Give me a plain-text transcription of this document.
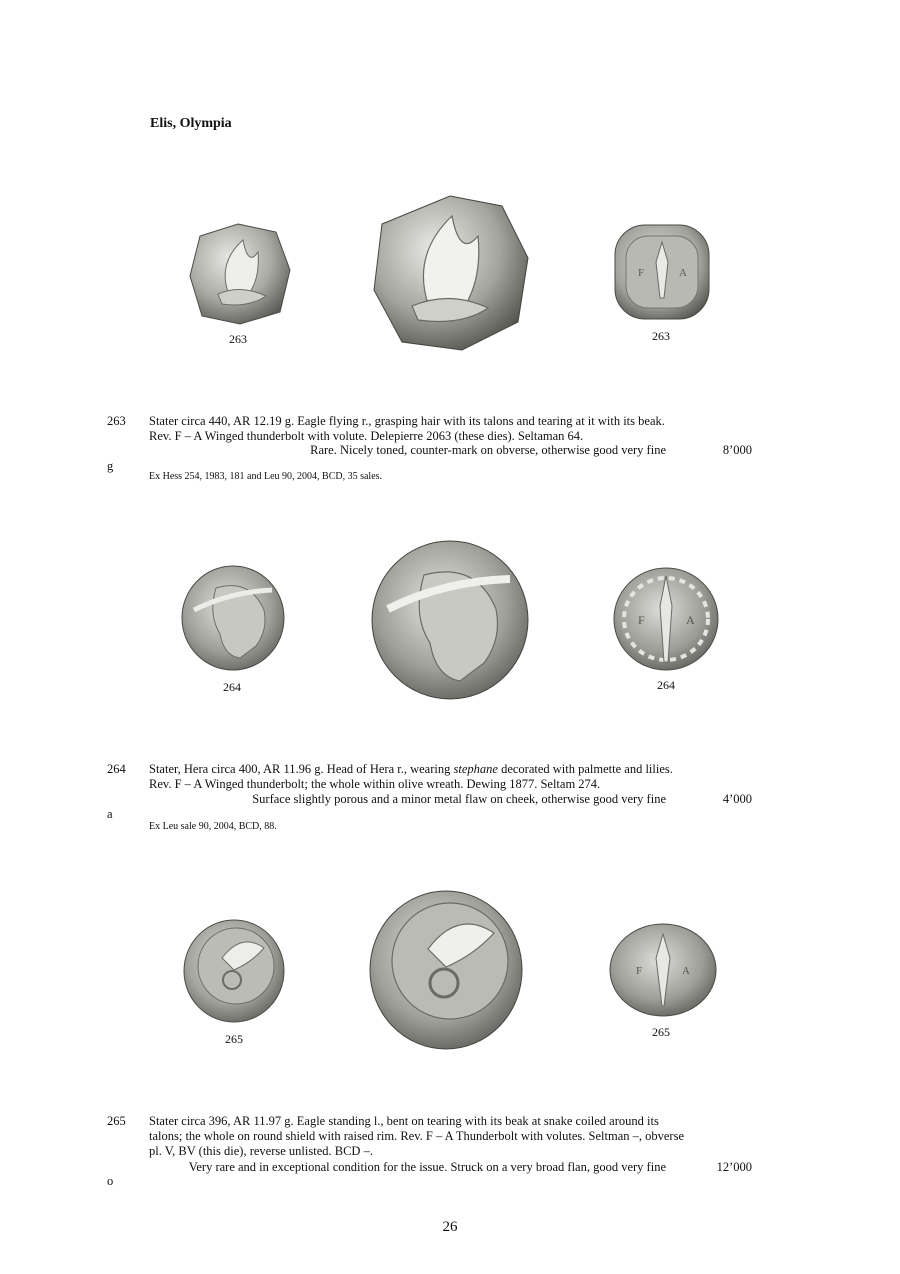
Elis, Olympia
F	A
263	263
263 Stater circa 440, AR 12.19 g. Eagle flying r., grasping hair with its talons and tearing at it with its beak.
Rev. F – A Winged thunderbolt with volute. Delepierre 2063 (these dies). Seltaman 64.
Rare. Nicely toned, counter-mark on obverse, otherwise good very fine	8’000
g
Ex Hess 254, 1983, 181 and Leu 90, 2004, BCD, 35 sales.
F	A
264	264
264 Stater, Hera circa 400, AR 11.96 g. Head of Hera r., wearing stephane decorated with palmette and lilies.
Rev. F – A Winged thunderbolt; the whole within olive wreath. Dewing 1877. Seltam 274.
Surface slightly porous and a minor metal flaw on cheek, otherwise good very fine	4’000
a
Ex Leu sale 90, 2004, BCD, 88.
F	A
265	265
265 Stater circa 396, AR 11.97 g. Eagle standing l., bent on tearing with its beak at snake coiled around its
talons; the whole on round shield with raised rim. Rev. F – A Thunderbolt with volutes. Seltman –, obverse
pl. V, BV (this die), reverse unlisted. BCD –.
Very rare and in exceptional condition for the issue. Struck on a very broad flan, good very fine	12’000
o
26
